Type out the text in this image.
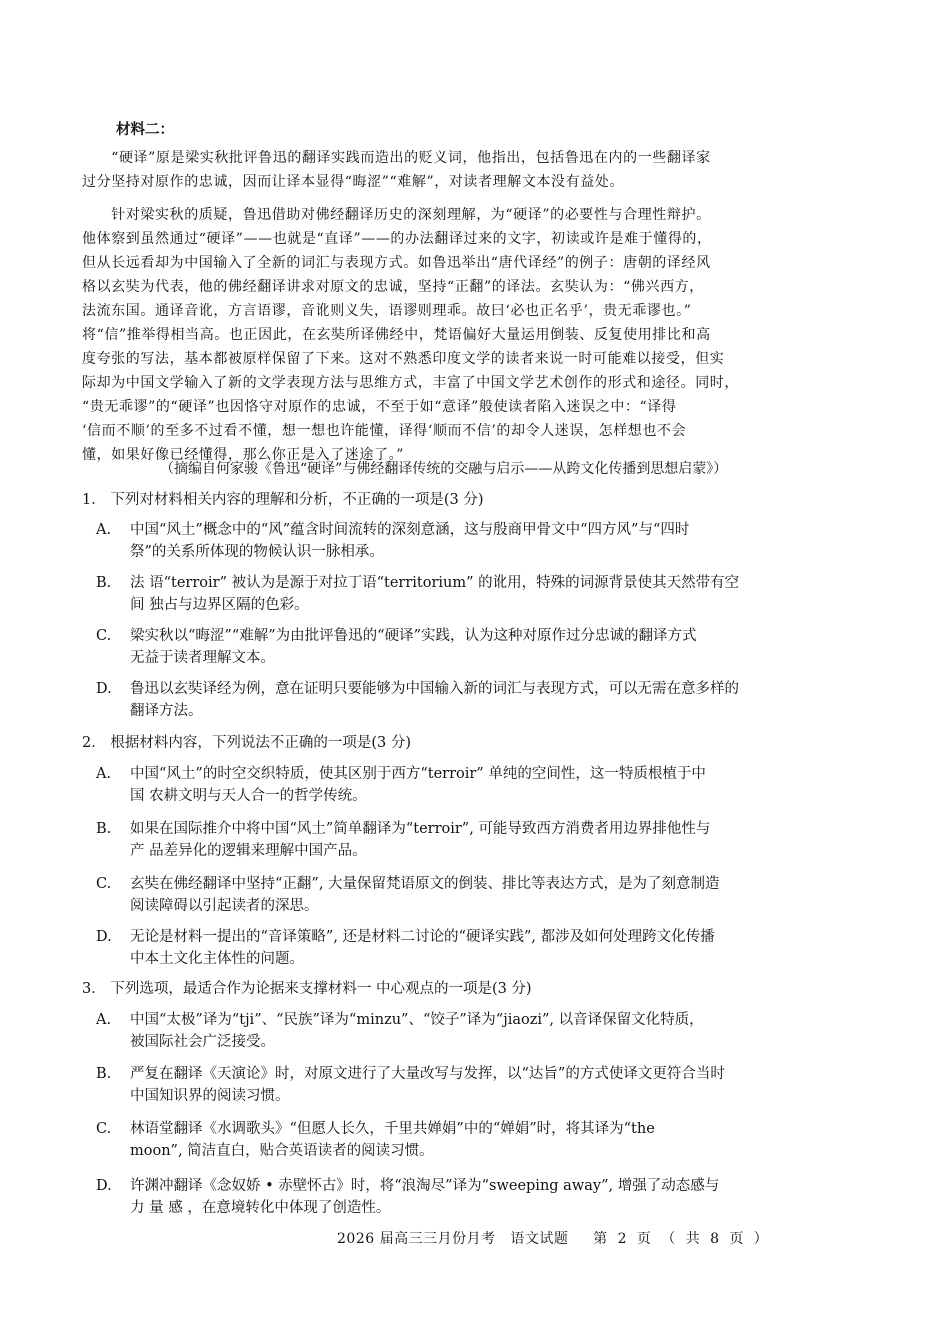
材料二：

　　“硬译”原是梁实秋批评鲁迅的翻译实践而造出的贬义词，他指出，包括鲁迅在内的一些翻译家
过分坚持对原作的忠诚，因而让译本显得“晦涩”“难解”，对读者理解文本没有益处。

　　针对梁实秋的质疑，鲁迅借助对佛经翻译历史的深刻理解，为“硬译”的必要性与合理性辩护。
他体察到虽然通过“硬译”——也就是“直译”——的办法翻译过来的文字，初读或许是难于懂得的，
但从长远看却为中国输入了全新的词汇与表现方式。如鲁迅举出“唐代译经”的例子：唐朝的译经风
格以玄奘为代表，他的佛经翻译讲求对原文的忠诚，坚持“正翻”的译法。玄奘认为：“佛兴西方，
法流东国。通译音讹，方言语谬，音讹则义失，语谬则理乖。故曰‘必也正名乎’，贵无乖谬也。”
将“信”推举得相当高。也正因此，在玄奘所译佛经中，梵语偏好大量运用倒装、反复使用排比和高
度夸张的写法，基本都被原样保留了下来。这对不熟悉印度文学的读者来说一时可能难以接受，但实
际却为中国文学输入了新的文学表现方法与思维方式，丰富了中国文学艺术创作的形式和途径。同时，
“贵无乖谬”的“硬译”也因恪守对原作的忠诚，不至于如“意译”般使读者陷入迷误之中：“译得
‘信而不顺’的至多不过看不懂，想一想也许能懂，译得‘顺而不信’的却令人迷误，怎样想也不会
懂，如果好像已经懂得，那么你正是入了迷途了。”

（摘编自何家骏《鲁迅“硬译”与佛经翻译传统的交融与启示——从跨文化传播到思想启蒙》）
1． 下列对材料相关内容的理解和分析，不正确的一项是(3 分)
A. 中国“风土”概念中的“风”蕴含时间流转的深刻意涵，这与殷商甲骨文中“四方风”与“四时
祭”的关系所体现的物候认识一脉相承。
B. 法 语“terroir” 被认为是源于对拉丁语“territorium” 的讹用，特殊的词源背景使其天然带有空
间 独占与边界区隔的色彩。
C. 梁实秋以“晦涩”“难解”为由批评鲁迅的“硬译”实践，认为这种对原作过分忠诚的翻译方式
无益于读者理解文本。
D. 鲁迅以玄奘译经为例，意在证明只要能够为中国输入新的词汇与表现方式，可以无需在意多样的
翻译方法。
2． 根据材料内容，下列说法不正确的一项是(3 分)
A. 中国“风土”的时空交织特质，使其区别于西方“terroir” 单纯的空间性，这一特质根植于中
国 农耕文明与天人合一的哲学传统。
B. 如果在国际推介中将中国“风土”简单翻译为“terroir”, 可能导致西方消费者用边界排他性与
产 品差异化的逻辑来理解中国产品。
C. 玄奘在佛经翻译中坚持“正翻”, 大量保留梵语原文的倒装、排比等表达方式，是为了刻意制造
阅读障碍以引起读者的深思。
D. 无论是材料一提出的“音译策略”, 还是材料二讨论的“硬译实践”, 都涉及如何处理跨文化传播
中本土文化主体性的问题。
3． 下列选项，最适合作为论据来支撑材料一 中心观点的一项是(3 分)
A. 中国“太极”译为“tji”、“民族”译为“minzu”、“饺子”译为“jiaozi”, 以音译保留文化特质，
被国际社会广泛接受。
B. 严复在翻译《天演论》时，对原文进行了大量改写与发挥，以“达旨”的方式使译文更符合当时
中国知识界的阅读习惯。
C. 林语堂翻译《水调歌头》“但愿人长久，千里共婵娟”中的“婵娟”时，将其译为“the
moon”, 简洁直白，贴合英语读者的阅读习惯。
D. 许渊冲翻译《念奴娇 • 赤壁怀古》时，将“浪淘尽”译为“sweeping away”, 增强了动态感与
力 量 感 ，在意境转化中体现了创造性。
2026 届高三三月份月考   语文试题     第  2  页  （  共  8  页  ）
